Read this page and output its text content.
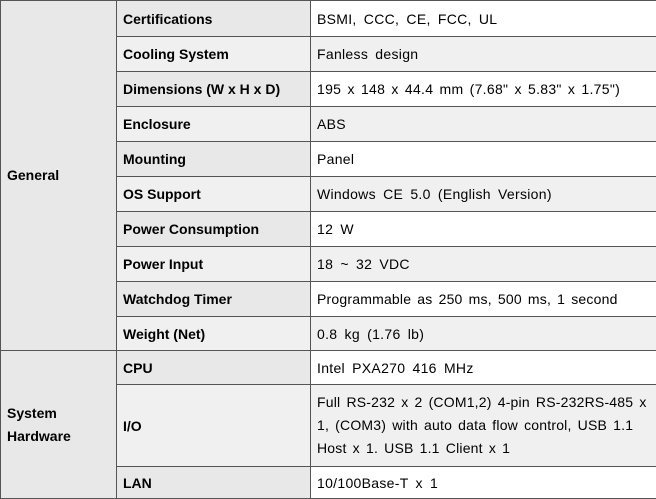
General	Certifications	BSMI, CCC, CE, FCC, UL
	Cooling System	Fanless design
	Dimensions (W x H x D)	195 x 148 x 44.4 mm (7.68" x 5.83" x 1.75")
	Enclosure	ABS
	Mounting	Panel
	OS Support	Windows CE 5.0 (English Version)
	Power Consumption	12 W
	Power Input	18 ~ 32 VDC
	Watchdog Timer	Programmable as 250 ms, 500 ms, 1 second
	Weight (Net)	0.8 kg (1.76 lb)
System Hardware	CPU	Intel PXA270 416 MHz
	I/O	Full RS-232 x 2 (COM1,2) 4-pin RS-232RS-485 x 1, (COM3) with auto data flow control, USB 1.1 Host x 1. USB 1.1 Client x 1
	LAN	10/100Base-T x 1
